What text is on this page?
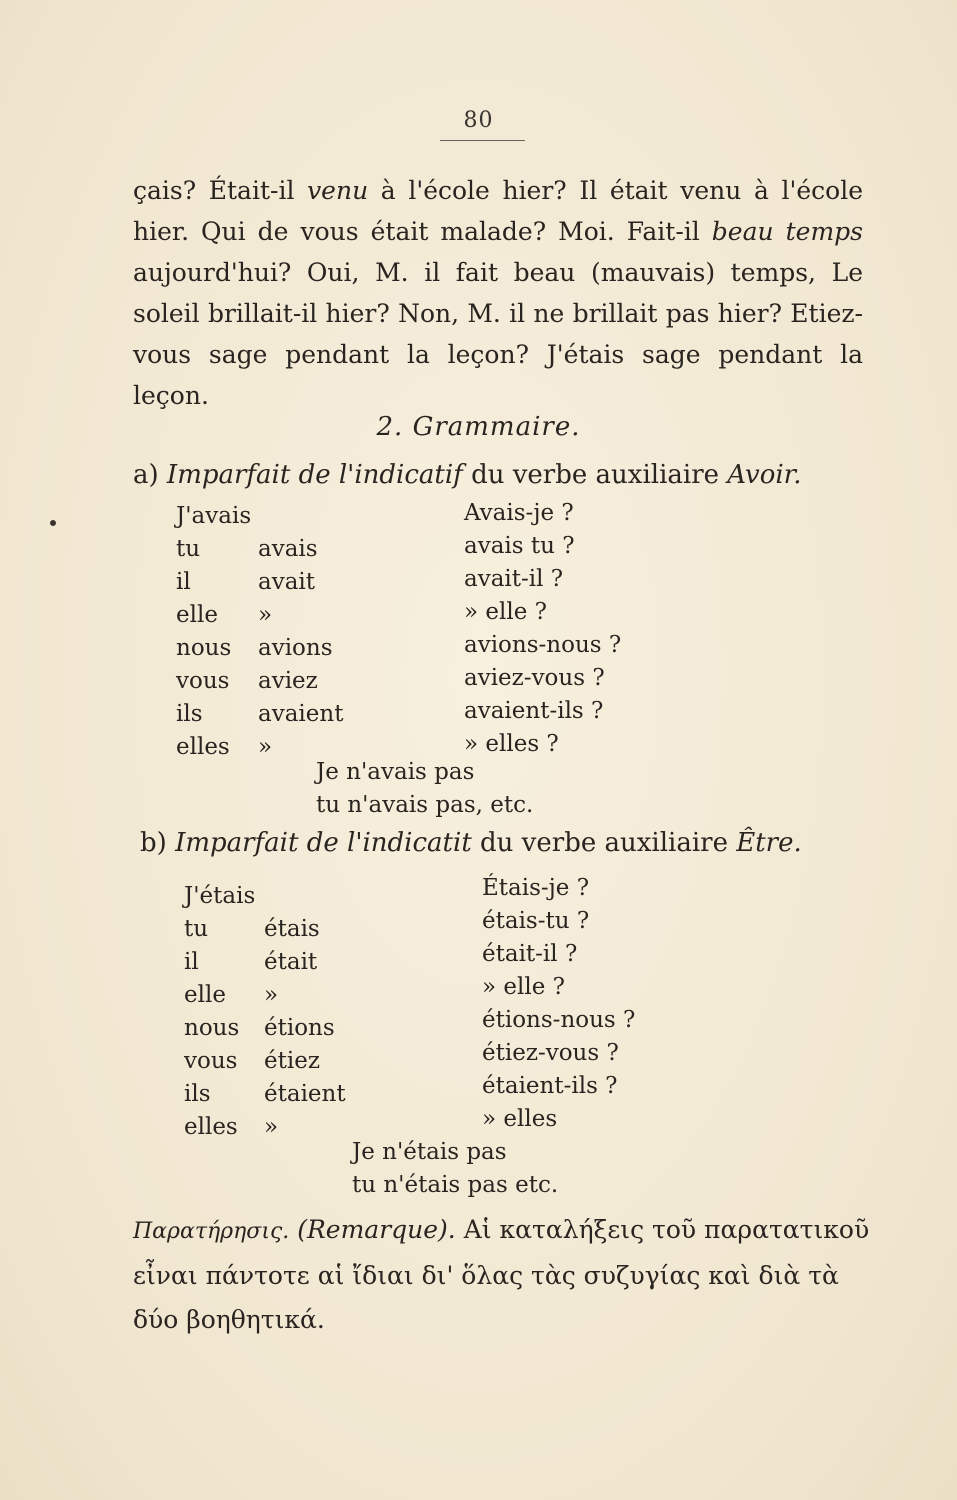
80

çais? Était-il venu à l'école hier? Il était venu à l'école hier. Qui de vous était malade? Moi. Fait-il beau temps aujourd'hui? Oui, M. il fait beau (mauvais) temps, Le soleil brillait-il hier? Non, M. il ne brillait pas hier? Etiez-vous sage pendant la leçon? J'étais sage pendant la leçon.

2. Grammaire.
a) Imparfait de l'indicatif du verbe auxiliaire Avoir.
J'avais
tu
il
elle
nous
vous
ils
elles
avais
avait
»
avions
aviez
avaient
»
Avais-je ?
avais tu ?
avait-il ?
» elle ?
avions-nous ?
aviez-vous ?
avaient-ils ?
» elles ?
Je n'avais pas
tu n'avais pas, etc.
b) Imparfait de l'indicatit du verbe auxiliaire Être.
J'étais
tu
il
elle
nous
vous
ils
elles
étais
était
»
étions
étiez
étaient
»
Étais-je ?
étais-tu ?
était-il ?
» elle ?
étions-nous ?
étiez-vous ?
étaient-ils ?
» elles
Je n'étais pas
tu n'étais pas etc.
Παρατήρησις. (Remarque). Αἱ καταλήξεις τοῦ παρατατικοῦ εἶναι πάντοτε αἱ ἴδιαι δι' ὅλας τὰς συζυγίας καὶ διὰ τὰ δύο βοηθητικά.
